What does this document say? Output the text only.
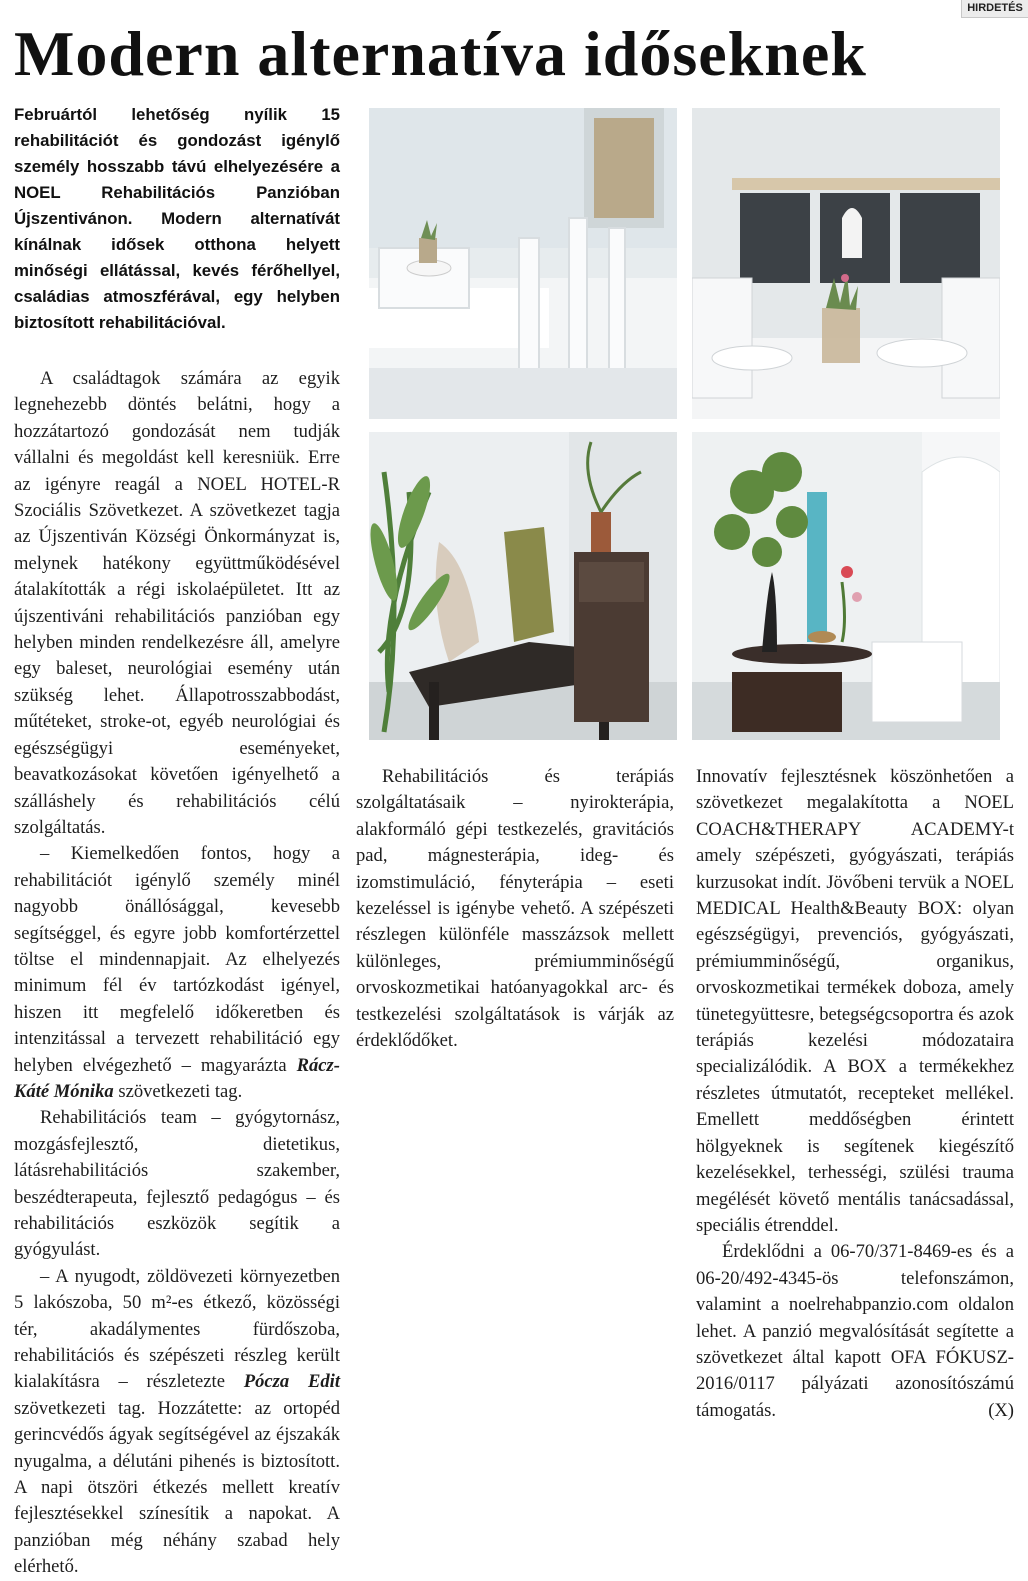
HIRDETÉS
Modern alternatíva időseknek

Februártól lehetőség nyílik 15 rehabilitációt és gondozást igénylő személy hosszabb távú elhelyezésére a NOEL Rehabilitációs Panzióban Újszentivánon. Modern alternatívát kínálnak idősek otthona helyett minőségi ellátással, kevés férőhellyel, családias atmoszférával, egy helyben biztosított rehabilitációval.

A családtagok számára az egyik legnehezebb döntés belátni, hogy a hozzátartozó gondozását nem tudják vállalni és megoldást kell keresniük. Erre az igényre reagál a NOEL HOTEL-R Szociális Szövetkezet. A szövetkezet tagja az Újszentiván Községi Önkormányzat is, melynek hatékony együttműködésével átalakították a régi iskolaépületet. Itt az újszentiváni rehabilitációs panzióban egy helyben minden rendelkezésre áll, amelyre egy baleset, neurológiai esemény után szükség lehet. Állapotrosszabbodást, műtéteket, stroke-ot, egyéb neurológiai és egészségügyi eseményeket, beavatkozásokat követően igényelhető a szálláshely és rehabilitációs célú szolgáltatás.

– Kiemelkedően fontos, hogy a rehabilitációt igénylő személy minél nagyobb önállósággal, kevesebb segítséggel, és egyre jobb komfortérzettel töltse el mindennapjait. Az elhelyezés minimum fél év tartózkodást igényel, hiszen itt megfelelő időkeretben és intenzitással a tervezett rehabilitáció egy helyben elvégezhető – magyarázta Rácz-Káté Mónika szövetkezeti tag.

Rehabilitációs team – gyógytornász, mozgásfejlesztő, dietetikus, látásrehabilitációs szakember, beszédterapeuta, fejlesztő pedagógus – és rehabilitációs eszközök segítik a gyógyulást.

– A nyugodt, zöldövezeti környezetben 5 lakószoba, 50 m²-es étkező, közösségi tér, akadálymentes fürdőszoba, rehabilitációs és szépészeti részleg került kialakításra – részletezte Pócza Edit szövetkezeti tag. Hozzátette: az ortopéd gerincvédős ágyak segítségével az éjszakák nyugalma, a délutáni pihenés is biztosított. A napi ötszöri étkezés mellett kreatív fejlesztésekkel színesítik a napokat. A panzióban még néhány szabad hely elérhető.

Rehabilitációs és terápiás szolgáltatásaik – nyirokterápia, alakformáló gépi testkezelés, gravitációs pad, mágnesterápia, ideg- és izomstimuláció, fényterápia – eseti kezeléssel is igénybe vehető. A szépészeti részlegen különféle masszázsok mellett különleges, prémiumminőségű orvoskozmetikai hatóanyagokkal arc- és testkezelési szolgáltatások is várják az érdeklődőket.

Innovatív fejlesztésnek köszönhetően a szövetkezet megalakította a NOEL COACH&THERAPY ACADEMY-t amely szépészeti, gyógyászati, terápiás kurzusokat indít. Jövőbeni tervük a NOEL MEDICAL Health&Beauty BOX: olyan egészségügyi, prevenciós, gyógyászati, prémiumminőségű, organikus, orvoskozmetikai termékek doboza, amely tünetegyüttesre, betegségcsoportra és azok terápiás kezelési módozataira specializálódik. A BOX a termékekhez részletes útmutatót, recepteket mellékel. Emellett meddőségben érintett hölgyeknek is segítenek kiegészítő kezelésekkel, terhességi, szülési trauma megélését követő mentális tanácsadással, speciális étrenddel.

Érdeklődni a 06-70/371-8469-es és a 06-20/492-4345-ös telefonszámon, valamint a noelrehabpanzio.com oldalon lehet. A panzió megvalósítását segítette a szövetkezet által kapott OFA FÓKUSZ-2016/0117 pályázati azonosítószámú támogatás.	(X)
